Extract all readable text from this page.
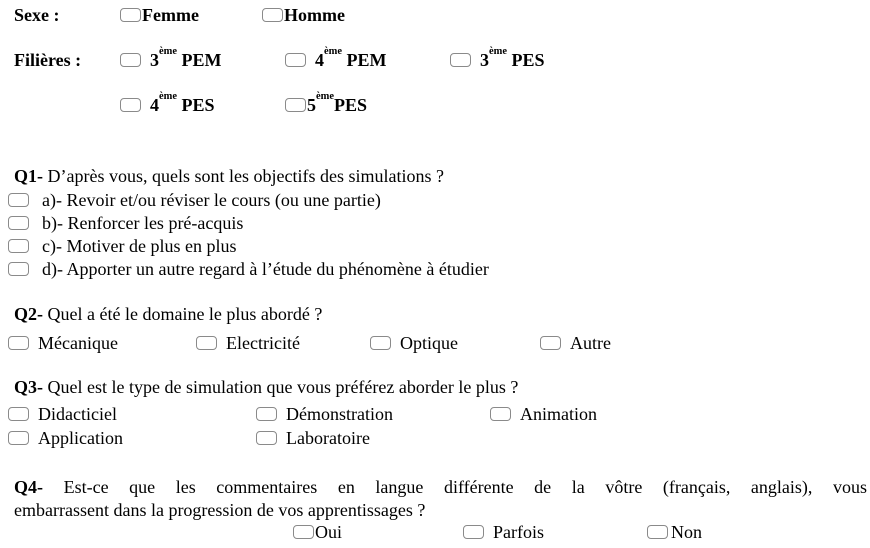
Sexe :	Femme	Homme
Filières :	3ème PEM	4ème PEM	3ème PES
4ème PES	5èmePES
Q1- D’après vous, quels sont les objectifs des simulations ?
a)- Revoir et/ou réviser le cours (ou une partie)
b)- Renforcer les pré-acquis
c)- Motiver de plus en plus
d)- Apporter un autre regard à l’étude du phénomène à étudier
Q2- Quel a été le domaine le plus abordé ?
Mécanique	Electricité	Optique	Autre
Q3- Quel est le type de simulation que vous préférez aborder le plus ?
Didacticiel	Démonstration	Animation
Application	Laboratoire
Q4- Est-ce que les commentaires en langue différente de la vôtre (français, anglais), vous
embarrassent dans la progression de vos apprentissages ?
Oui	Parfois	Non
